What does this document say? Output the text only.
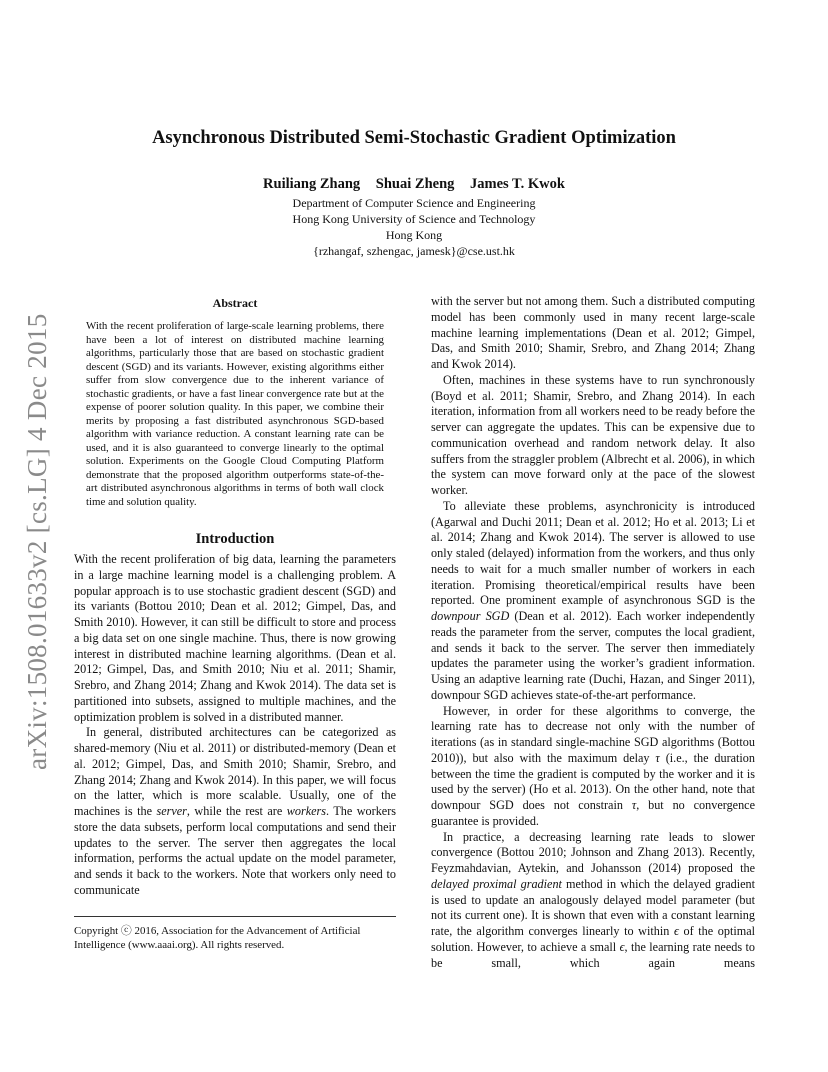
arXiv:1508.01633v2 [cs.LG] 4 Dec 2015
Asynchronous Distributed Semi-Stochastic Gradient Optimization
Ruiliang Zhang Shuai Zheng James T. Kwok
Department of Computer Science and Engineering
Hong Kong University of Science and Technology
Hong Kong
{rzhangaf, szhengac, jamesk}@cse.ust.hk
Abstract

With the recent proliferation of large-scale learning problems, there have been a lot of interest on distributed machine learning algorithms, particularly those that are based on stochastic gradient descent (SGD) and its variants. However, existing algorithms either suffer from slow convergence due to the inherent variance of stochastic gradients, or have a fast linear convergence rate but at the expense of poorer solution quality. In this paper, we combine their merits by proposing a fast distributed asynchronous SGD-based algorithm with variance reduction. A constant learning rate can be used, and it is also guaranteed to converge linearly to the optimal solution. Experiments on the Google Cloud Computing Platform demonstrate that the proposed algorithm outperforms state-of-the-art distributed asynchronous algorithms in terms of both wall clock time and solution quality.

Introduction

With the recent proliferation of big data, learning the parameters in a large machine learning model is a challenging problem. A popular approach is to use stochastic gradient descent (SGD) and its variants (Bottou 2010; Dean et al. 2012; Gimpel, Das, and Smith 2010). However, it can still be difficult to store and process a big data set on one single machine. Thus, there is now growing interest in distributed machine learning algorithms. (Dean et al. 2012; Gimpel, Das, and Smith 2010; Niu et al. 2011; Shamir, Srebro, and Zhang 2014; Zhang and Kwok 2014). The data set is partitioned into subsets, assigned to multiple machines, and the optimization problem is solved in a distributed manner.

In general, distributed architectures can be categorized as shared-memory (Niu et al. 2011) or distributed-memory (Dean et al. 2012; Gimpel, Das, and Smith 2010; Shamir, Srebro, and Zhang 2014; Zhang and Kwok 2014). In this paper, we will focus on the latter, which is more scalable. Usually, one of the machines is the server, while the rest are workers. The workers store the data subsets, perform local computations and send their updates to the server. The server then aggregates the local information, performs the actual update on the model parameter, and sends it back to the workers. Note that workers only need to communicate

Copyright ⓒ 2016, Association for the Advancement of Artificial Intelligence (www.aaai.org). All rights reserved.

with the server but not among them. Such a distributed computing model has been commonly used in many recent large-scale machine learning implementations (Dean et al. 2012; Gimpel, Das, and Smith 2010; Shamir, Srebro, and Zhang 2014; Zhang and Kwok 2014).

Often, machines in these systems have to run synchronously (Boyd et al. 2011; Shamir, Srebro, and Zhang 2014). In each iteration, information from all workers need to be ready before the server can aggregate the updates. This can be expensive due to communication overhead and random network delay. It also suffers from the straggler problem (Albrecht et al. 2006), in which the system can move forward only at the pace of the slowest worker.

To alleviate these problems, asynchronicity is introduced (Agarwal and Duchi 2011; Dean et al. 2012; Ho et al. 2013; Li et al. 2014; Zhang and Kwok 2014). The server is allowed to use only staled (delayed) information from the workers, and thus only needs to wait for a much smaller number of workers in each iteration. Promising theoretical/empirical results have been reported. One prominent example of asynchronous SGD is the downpour SGD (Dean et al. 2012). Each worker independently reads the parameter from the server, computes the local gradient, and sends it back to the server. The server then immediately updates the parameter using the worker’s gradient information. Using an adaptive learning rate (Duchi, Hazan, and Singer 2011), downpour SGD achieves state-of-the-art performance.

However, in order for these algorithms to converge, the learning rate has to decrease not only with the number of iterations (as in standard single-machine SGD algorithms (Bottou 2010)), but also with the maximum delay τ (i.e., the duration between the time the gradient is computed by the worker and it is used by the server) (Ho et al. 2013). On the other hand, note that downpour SGD does not constrain τ, but no convergence guarantee is provided.

In practice, a decreasing learning rate leads to slower convergence (Bottou 2010; Johnson and Zhang 2013). Recently, Feyzmahdavian, Aytekin, and Johansson (2014) proposed the delayed proximal gradient method in which the delayed gradient is used to update an analogously delayed model parameter (but not its current one). It is shown that even with a constant learning rate, the algorithm converges linearly to within ϵ of the optimal solution. However, to achieve a small ϵ, the learning rate needs to be small, which again means
